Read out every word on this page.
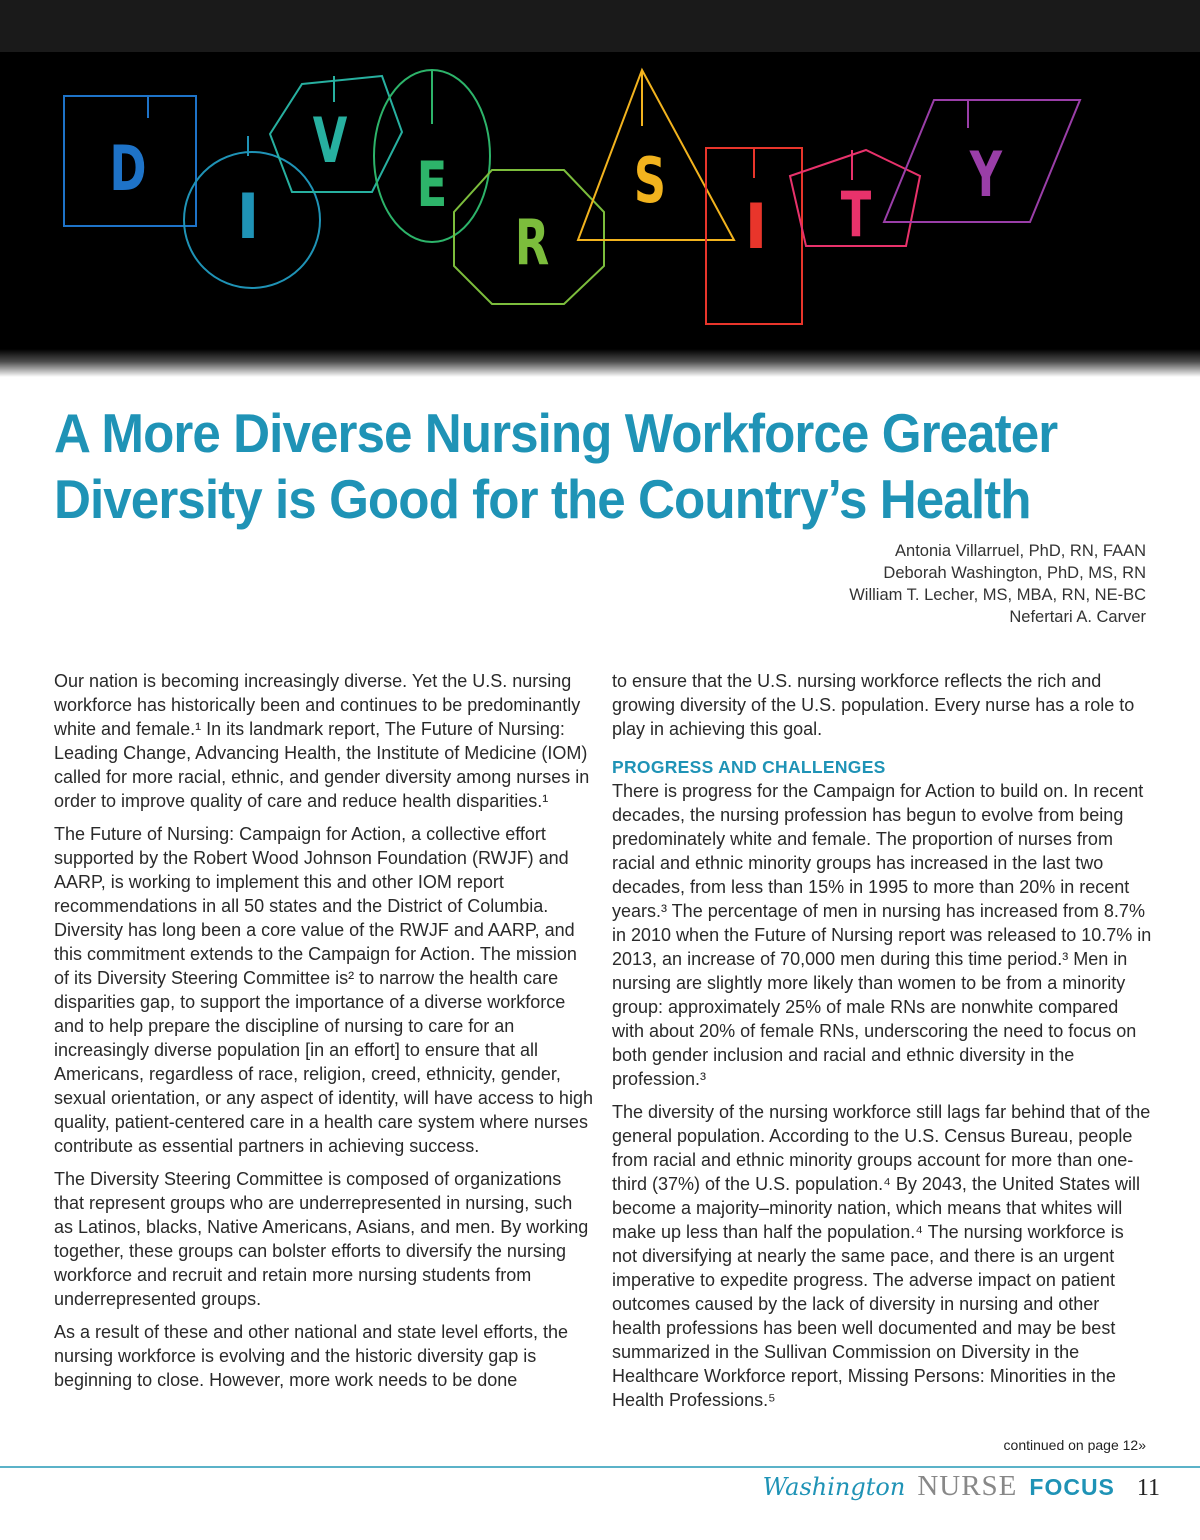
D
I
V
E
R
S
I T
Y
A More Diverse Nursing Workforce Greater Diversity is Good for the Country’s Health
Antonia Villarruel, PhD, RN, FAAN
Deborah Washington, PhD, MS, RN
William T. Lecher, MS, MBA, RN, NE-BC
Nefertari A. Carver

Our nation is becoming increasingly diverse. Yet the U.S. nursing workforce has historically been and continues to be predominantly white and female.¹ In its landmark report, The Future of Nursing: Leading Change, Advancing Health, the Institute of Medicine (IOM) called for more racial, ethnic, and gender diversity among nurses in order to improve quality of care and reduce health disparities.¹

The Future of Nursing: Campaign for Action, a collective effort supported by the Robert Wood Johnson Foundation (RWJF) and AARP, is working to implement this and other IOM report recommendations in all 50 states and the District of Columbia. Diversity has long been a core value of the RWJF and AARP, and this commitment extends to the Campaign for Action. The mission of its Diversity Steering Committee is² to narrow the health care disparities gap, to support the importance of a diverse workforce and to help prepare the discipline of nursing to care for an increasingly diverse population [in an effort] to ensure that all Americans, regardless of race, religion, creed, ethnicity, gender, sexual orientation, or any aspect of identity, will have access to high quality, patient-centered care in a health care system where nurses contribute as essential partners in achieving success.

The Diversity Steering Committee is composed of organizations that represent groups who are underrepresented in nursing, such as Latinos, blacks, Native Americans, Asians, and men. By working together, these groups can bolster efforts to diversify the nursing workforce and recruit and retain more nursing students from underrepresented groups.

As a result of these and other national and state level efforts, the nursing workforce is evolving and the historic diversity gap is beginning to close. However, more work needs to be done

to ensure that the U.S. nursing workforce reflects the rich and growing diversity of the U.S. population. Every nurse has a role to play in achieving this goal.

PROGRESS AND CHALLENGES

There is progress for the Campaign for Action to build on. In recent decades, the nursing profession has begun to evolve from being predominately white and female. The proportion of nurses from racial and ethnic minority groups has increased in the last two decades, from less than 15% in 1995 to more than 20% in recent years.³ The percentage of men in nursing has increased from 8.7% in 2010 when the Future of Nursing report was released to 10.7% in 2013, an increase of 70,000 men during this time period.³ Men in nursing are slightly more likely than women to be from a minority group: approximately 25% of male RNs are nonwhite compared with about 20% of female RNs, underscoring the need to focus on both gender inclusion and racial and ethnic diversity in the profession.³

The diversity of the nursing workforce still lags far behind that of the general population. According to the U.S. Census Bureau, people from racial and ethnic minority groups account for more than one-third (37%) of the U.S. population.⁴ By 2043, the United States will become a majority–minority nation, which means that whites will make up less than half the population.⁴ The nursing workforce is not diversifying at nearly the same pace, and there is an urgent imperative to expedite progress. The adverse impact on patient outcomes caused by the lack of diversity in nursing and other health professions has been well documented and may be best summarized in the Sullivan Commission on Diversity in the Healthcare Workforce report, Missing Persons: Minorities in the Health Professions.⁵

continued on page 12»
Washington NURSE FOCUS 11
